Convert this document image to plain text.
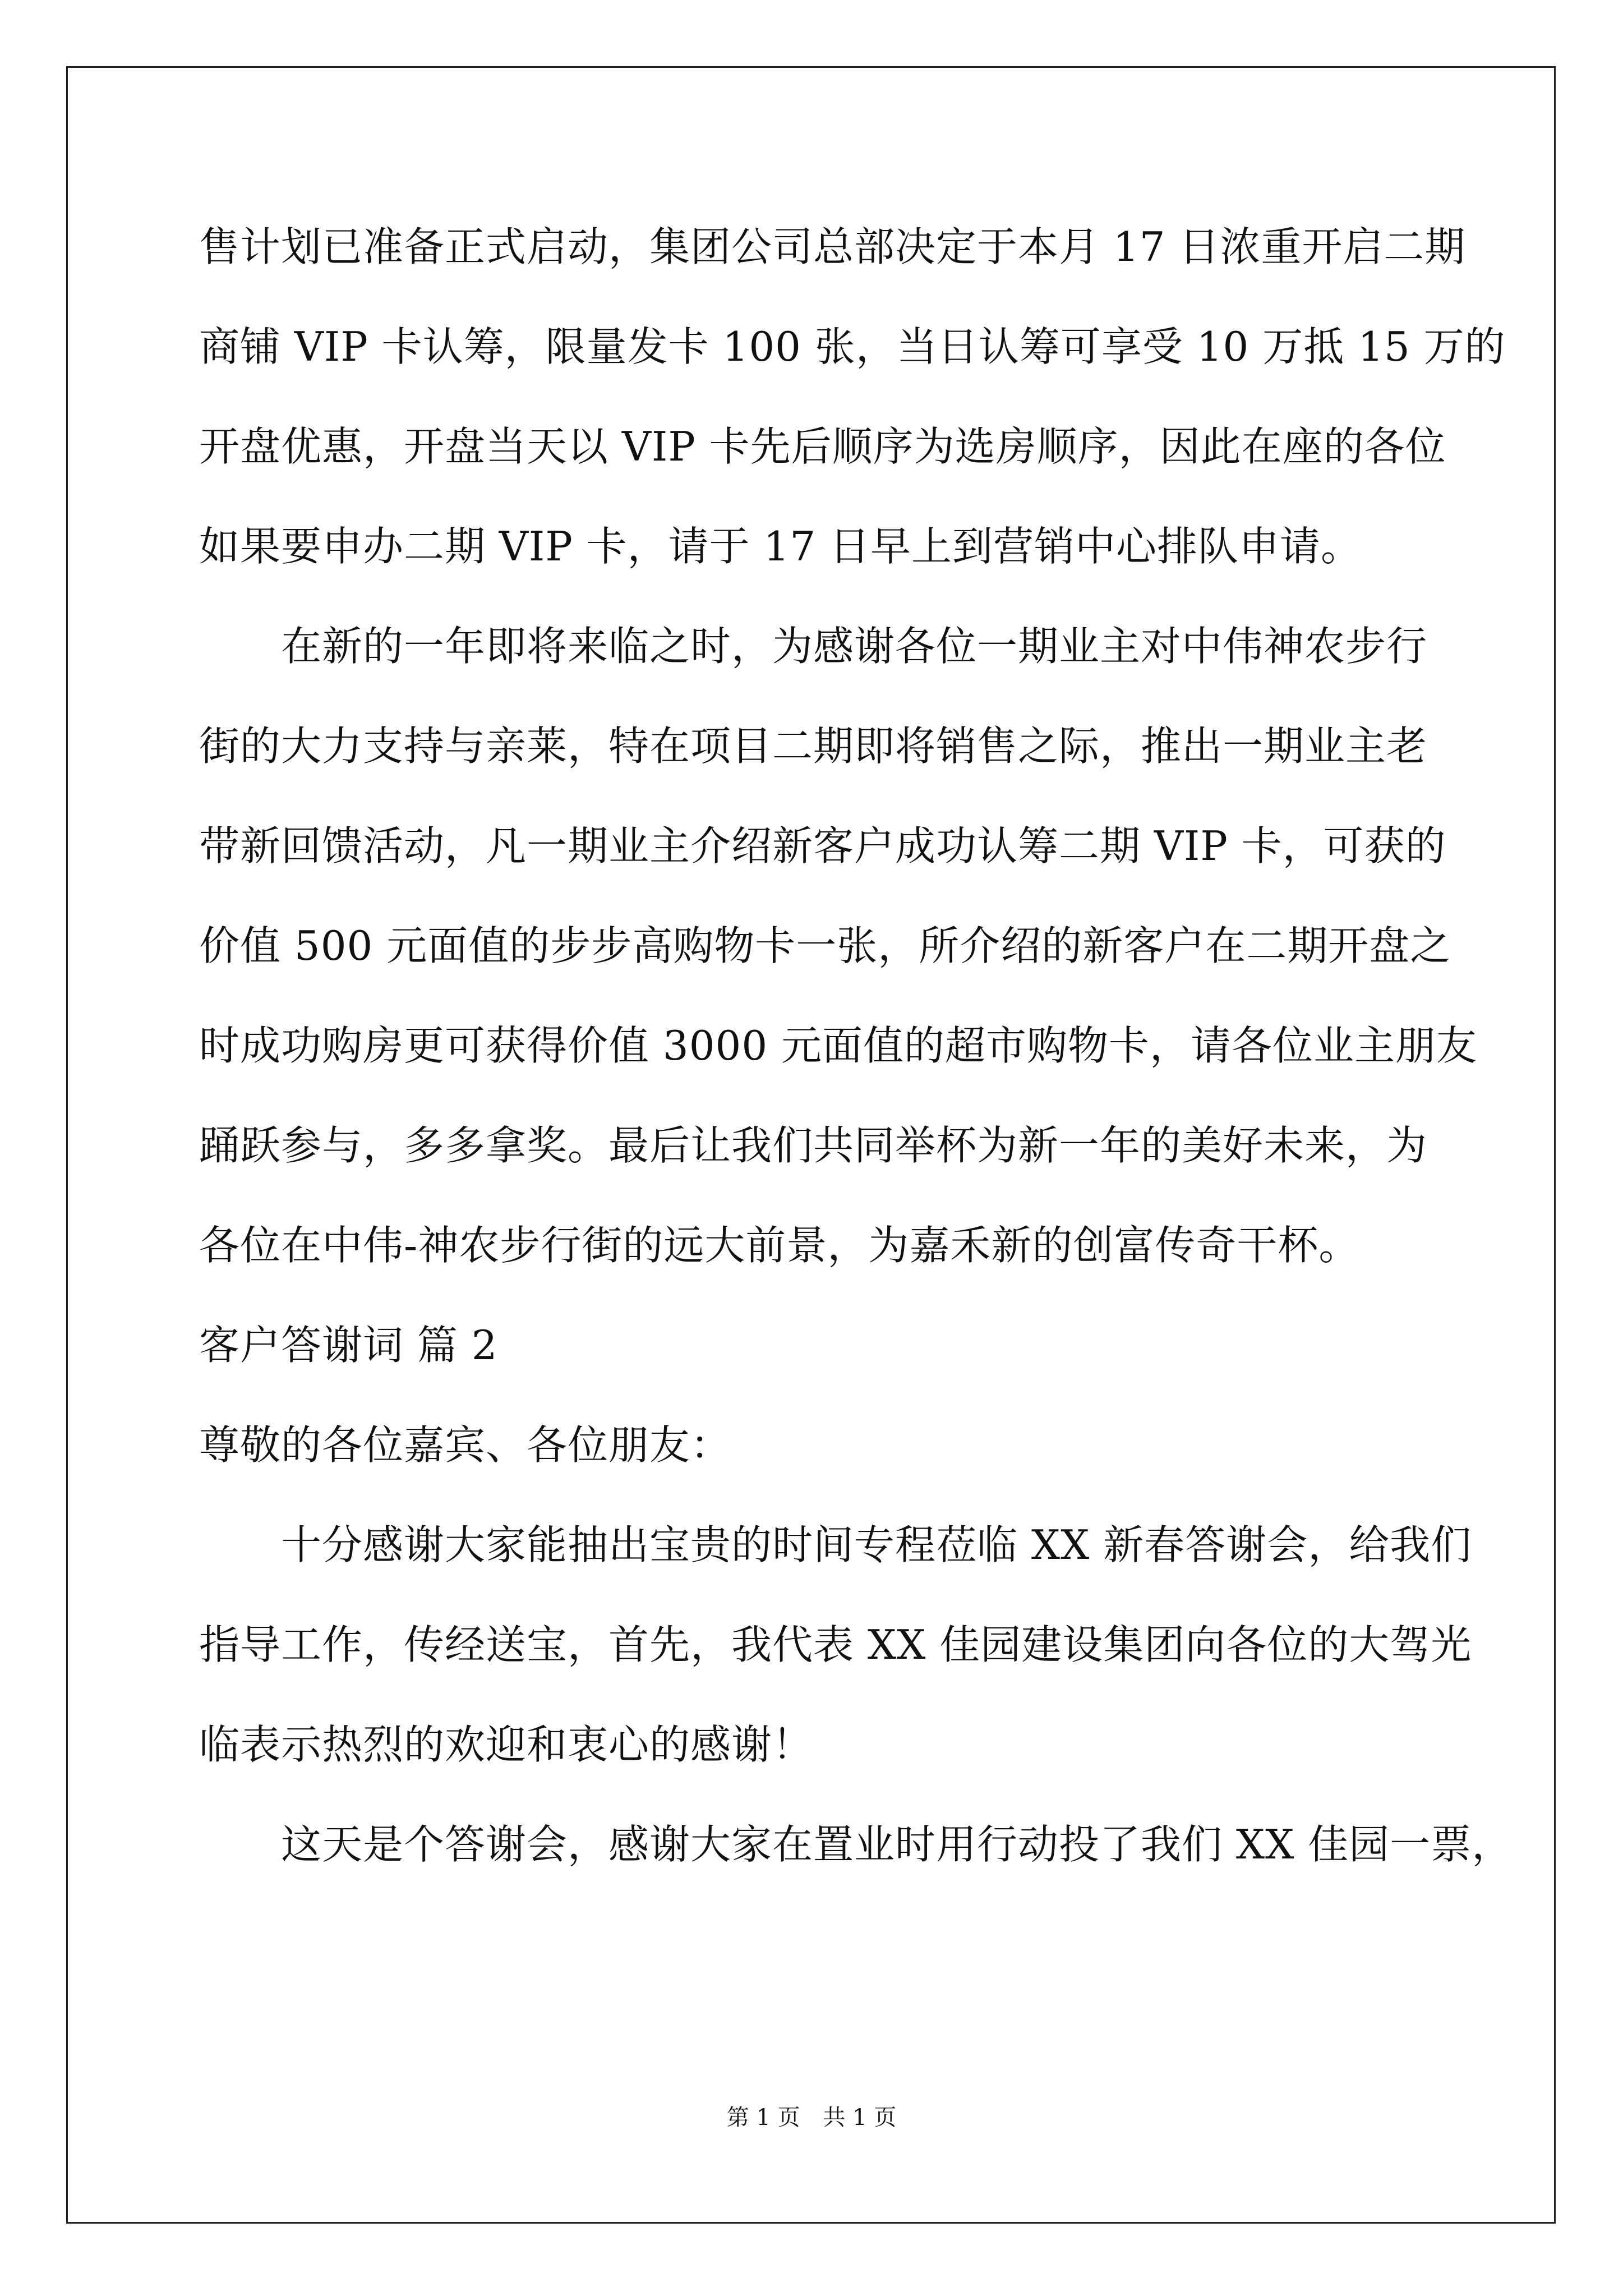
售计划已准备正式启动，集团公司总部决定于本月 17 日浓重开启二期
商铺 VIP 卡认筹，限量发卡 100 张，当日认筹可享受 10 万抵 15 万的
开盘优惠，开盘当天以 VIP 卡先后顺序为选房顺序，因此在座的各位
如果要申办二期 VIP 卡，请于 17 日早上到营销中心排队申请。
在新的一年即将来临之时，为感谢各位一期业主对中伟神农步行
街的大力支持与亲莱，特在项目二期即将销售之际，推出一期业主老
带新回馈活动，凡一期业主介绍新客户成功认筹二期 VIP 卡，可获的
价值 500 元面值的步步高购物卡一张，所介绍的新客户在二期开盘之
时成功购房更可获得价值 3000 元面值的超市购物卡，请各位业主朋友
踊跃参与，多多拿奖。最后让我们共同举杯为新一年的美好未来，为
各位在中伟-神农步行街的远大前景，为嘉禾新的创富传奇干杯。
客户答谢词 篇 2
尊敬的各位嘉宾、各位朋友：
十分感谢大家能抽出宝贵的时间专程莅临 XX 新春答谢会，给我们
指导工作，传经送宝，首先，我代表 XX 佳园建设集团向各位的大驾光
临表示热烈的欢迎和衷心的感谢！
这天是个答谢会，感谢大家在置业时用行动投了我们 XX 佳园一票，
第 1 页 共 1 页
